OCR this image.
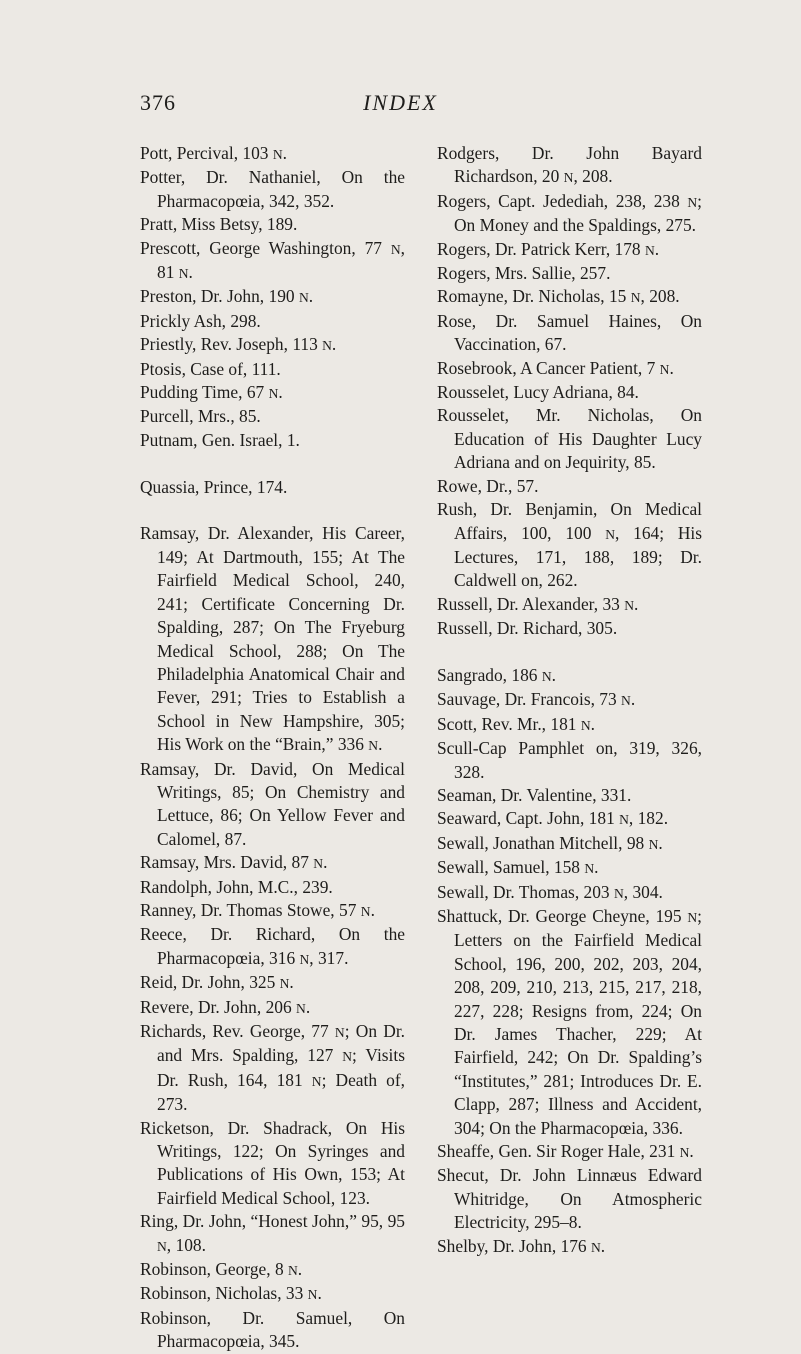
INDEX
376

Pott, Percival, 103 N.

Potter, Dr. Nathaniel, On the Pharmacopœia, 342, 352.

Pratt, Miss Betsy, 189.

Prescott, George Washington, 77 N, 81 N.

Preston, Dr. John, 190 N.

Prickly Ash, 298.

Priestly, Rev. Joseph, 113 N.

Ptosis, Case of, 111.

Pudding Time, 67 N.

Purcell, Mrs., 85.

Putnam, Gen. Israel, 1.

Quassia, Prince, 174.

Ramsay, Dr. Alexander, His Career, 149; At Dartmouth, 155; At The Fairfield Medical School, 240, 241; Certificate Concerning Dr. Spalding, 287; On The Fryeburg Medical School, 288; On The Philadelphia Anatomical Chair and Fever, 291; Tries to Establish a School in New Hampshire, 305; His Work on the “Brain,” 336 N.

Ramsay, Dr. David, On Medical Writings, 85; On Chemistry and Lettuce, 86; On Yellow Fever and Calomel, 87.

Ramsay, Mrs. David, 87 N.

Randolph, John, M.C., 239.

Ranney, Dr. Thomas Stowe, 57 N.

Reece, Dr. Richard, On the Pharmacopœia, 316 N, 317.

Reid, Dr. John, 325 N.

Revere, Dr. John, 206 N.

Richards, Rev. George, 77 N; On Dr. and Mrs. Spalding, 127 N; Visits Dr. Rush, 164, 181 N; Death of, 273.

Ricketson, Dr. Shadrack, On His Writings, 122; On Syringes and Publications of His Own, 153; At Fairfield Medical School, 123.

Ring, Dr. John, “Honest John,” 95, 95 N, 108.

Robinson, George, 8 N.

Robinson, Nicholas, 33 N.

Robinson, Dr. Samuel, On Pharmacopœia, 345.

Rodgers, Dr. John Bayard Richardson, 20 N, 208.

Rogers, Capt. Jedediah, 238, 238 N; On Money and the Spaldings, 275.

Rogers, Dr. Patrick Kerr, 178 N.

Rogers, Mrs. Sallie, 257.

Romayne, Dr. Nicholas, 15 N, 208.

Rose, Dr. Samuel Haines, On Vaccination, 67.

Rosebrook, A Cancer Patient, 7 N.

Rousselet, Lucy Adriana, 84.

Rousselet, Mr. Nicholas, On Education of His Daughter Lucy Adriana and on Jequirity, 85.

Rowe, Dr., 57.

Rush, Dr. Benjamin, On Medical Affairs, 100, 100 N, 164; His Lectures, 171, 188, 189; Dr. Caldwell on, 262.

Russell, Dr. Alexander, 33 N.

Russell, Dr. Richard, 305.

Sangrado, 186 N.

Sauvage, Dr. Francois, 73 N.

Scott, Rev. Mr., 181 N.

Scull-Cap Pamphlet on, 319, 326, 328.

Seaman, Dr. Valentine, 331.

Seaward, Capt. John, 181 N, 182.

Sewall, Jonathan Mitchell, 98 N.

Sewall, Samuel, 158 N.

Sewall, Dr. Thomas, 203 N, 304.

Shattuck, Dr. George Cheyne, 195 N; Letters on the Fairfield Medical School, 196, 200, 202, 203, 204, 208, 209, 210, 213, 215, 217, 218, 227, 228; Resigns from, 224; On Dr. James Thacher, 229; At Fairfield, 242; On Dr. Spalding’s “Institutes,” 281; Introduces Dr. E. Clapp, 287; Illness and Accident, 304; On the Pharmacopœia, 336.

Sheaffe, Gen. Sir Roger Hale, 231 N.

Shecut, Dr. John Linnæus Edward Whitridge, On Atmospheric Electricity, 295–8.

Shelby, Dr. John, 176 N.
